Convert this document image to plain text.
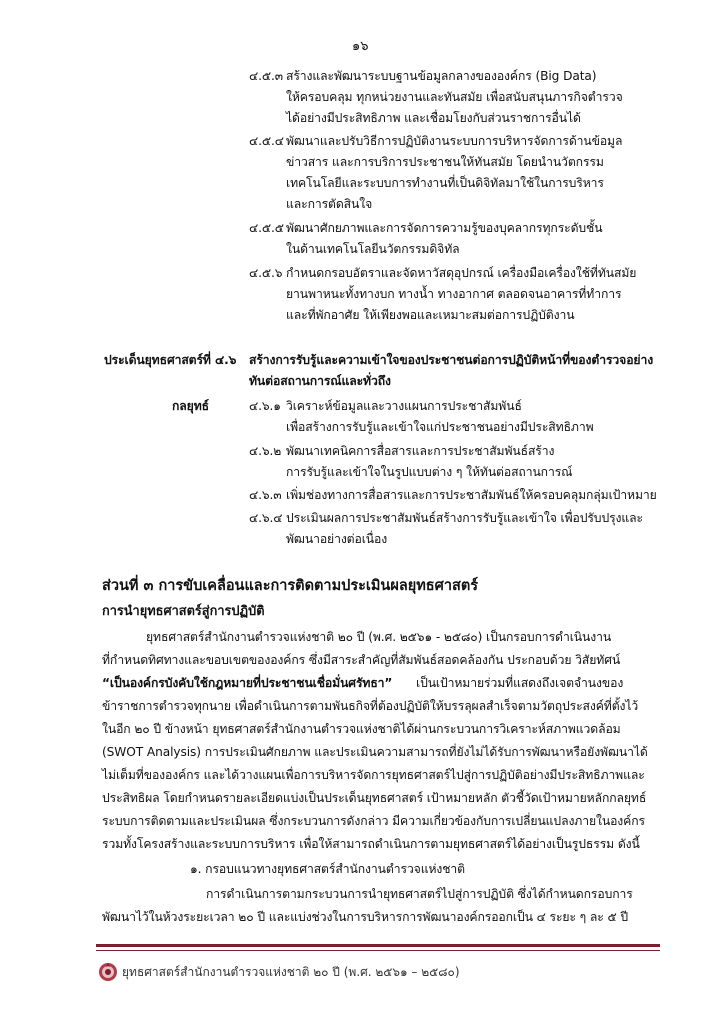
๑๖
๔.๕.๓ สร้างและพัฒนาระบบฐานข้อมูลกลางขององค์กร (Big Data)
ให้ครอบคลุม ทุกหน่วยงานและทันสมัย เพื่อสนับสนุนภารกิจตำรวจ
ได้อย่างมีประสิทธิภาพ และเชื่อมโยงกับส่วนราชการอื่นได้
๔.๕.๔ พัฒนาและปรับวิธีการปฏิบัติงานระบบการบริหารจัดการด้านข้อมูล
ข่าวสาร และการบริการประชาชนให้ทันสมัย โดยนำนวัตกรรม
เทคโนโลยีและระบบการทำงานที่เป็นดิจิทัลมาใช้ในการบริหาร
และการตัดสินใจ
๔.๕.๕ พัฒนาศักยภาพและการจัดการความรู้ของบุคลากรทุกระดับชั้น
ในด้านเทคโนโลยีนวัตกรรมดิจิทัล
๔.๕.๖ กำหนดกรอบอัตราและจัดหาวัสดุอุปกรณ์ เครื่องมือเครื่องใช้ที่ทันสมัย
ยานพาหนะทั้งทางบก ทางน้ำ ทางอากาศ ตลอดจนอาคารที่ทำการ
และที่พักอาศัย ให้เพียงพอและเหมาะสมต่อการปฏิบัติงาน
ประเด็นยุทธศาสตร์ที่ ๔.๖ สร้างการรับรู้และความเข้าใจของประชาชนต่อการปฏิบัติหน้าที่ของตำรวจอย่าง
ทันต่อสถานการณ์และทั่วถึง
กลยุทธ์	๔.๖.๑ วิเคราะห์ข้อมูลและวางแผนการประชาสัมพันธ์
เพื่อสร้างการรับรู้และเข้าใจแก่ประชาชนอย่างมีประสิทธิภาพ
๔.๖.๒ พัฒนาเทคนิคการสื่อสารและการประชาสัมพันธ์สร้าง
การรับรู้และเข้าใจในรูปแบบต่าง ๆ ให้ทันต่อสถานการณ์
๔.๖.๓ เพิ่มช่องทางการสื่อสารและการประชาสัมพันธ์ให้ครอบคลุมกลุ่มเป้าหมาย
๔.๖.๔ ประเมินผลการประชาสัมพันธ์สร้างการรับรู้และเข้าใจ เพื่อปรับปรุงและ
พัฒนาอย่างต่อเนื่อง
ส่วนที่ ๓ การขับเคลื่อนและการติดตามประเมินผลยุทธศาสตร์
การนำยุทธศาสตร์สู่การปฏิบัติ
ยุทธศาสตร์สำนักงานตำรวจแห่งชาติ ๒๐ ปี (พ.ศ. ๒๕๖๑ - ๒๕๘๐) เป็นกรอบการดำเนินงาน
ที่กำหนดทิศทางและขอบเขตขององค์กร ซึ่งมีสาระสำคัญที่สัมพันธ์สอดคล้องกัน ประกอบด้วย วิสัยทัศน์
“เป็นองค์กรบังคับใช้กฎหมายที่ประชาชนเชื่อมั่นศรัทธา” เป็นเป้าหมายร่วมที่แสดงถึงเจตจำนงของ
ข้าราชการตำรวจทุกนาย เพื่อดำเนินการตามพันธกิจที่ต้องปฏิบัติให้บรรลุผลสำเร็จตามวัตถุประสงค์ที่ตั้งไว้
ในอีก ๒๐ ปี ข้างหน้า ยุทธศาสตร์สำนักงานตำรวจแห่งชาติได้ผ่านกระบวนการวิเคราะห์สภาพแวดล้อม
(SWOT Analysis) การประเมินศักยภาพ และประเมินความสามารถที่ยังไม่ได้รับการพัฒนาหรือยังพัฒนาได้
ไม่เต็มที่ขององค์กร และได้วางแผนเพื่อการบริหารจัดการยุทธศาสตร์ไปสู่การปฏิบัติอย่างมีประสิทธิภาพและ
ประสิทธิผล โดยกำหนดรายละเอียดแบ่งเป็นประเด็นยุทธศาสตร์ เป้าหมายหลัก ตัวชี้วัดเป้าหมายหลักกลยุทธ์
ระบบการติดตามและประเมินผล ซึ่งกระบวนการดังกล่าว มีความเกี่ยวข้องกับการเปลี่ยนแปลงภายในองค์กร
รวมทั้งโครงสร้างและระบบการบริหาร เพื่อให้สามารถดำเนินการตามยุทธศาสตร์ได้อย่างเป็นรูปธรรม ดังนี้
๑. กรอบแนวทางยุทธศาสตร์สำนักงานตำรวจแห่งชาติ
การดำเนินการตามกระบวนการนำยุทธศาสตร์ไปสู่การปฏิบัติ ซึ่งได้กำหนดกรอบการ
พัฒนาไว้ในห้วงระยะเวลา ๒๐ ปี และแบ่งช่วงในการบริหารการพัฒนาองค์กรออกเป็น ๔ ระยะ ๆ ละ ๕ ปี
ยุทธศาสตร์สำนักงานตำรวจแห่งชาติ ๒๐ ปี (พ.ศ. ๒๕๖๑ – ๒๕๘๐)
